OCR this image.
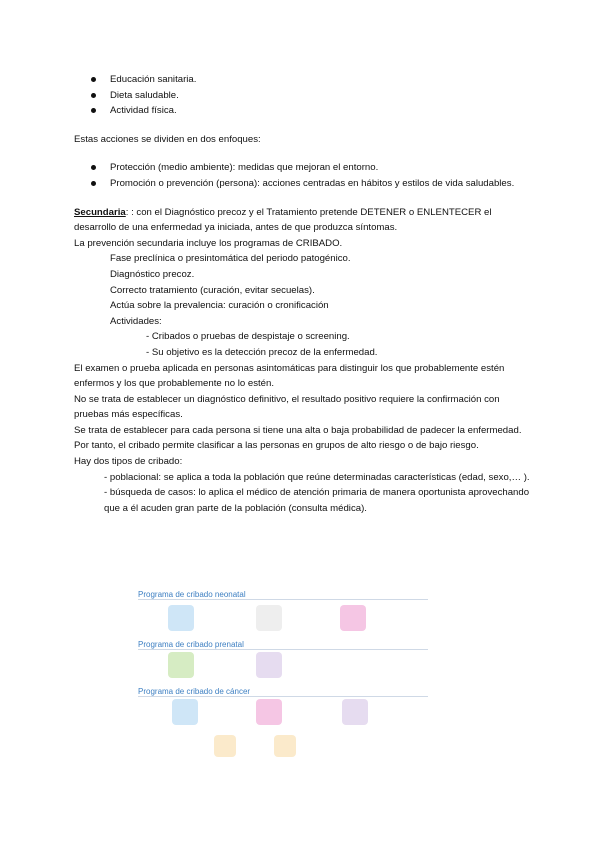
Educación sanitaria.
Dieta saludable.
Actividad física.

Estas acciones se dividen en dos enfoques:

Protección (medio ambiente): medidas que mejoran el entorno.
Promoción o prevención (persona): acciones centradas en hábitos y estilos de vida saludables.

Secundaria: : con el Diagnóstico precoz y el Tratamiento pretende DETENER o ENLENTECER el desarrollo de una enfermedad ya iniciada, antes de que produzca síntomas.

La prevención secundaria incluye los programas de CRIBADO.

Fase preclínica o presintomática del periodo patogénico.

Diagnóstico precoz.

Correcto tratamiento (curación, evitar secuelas).

Actúa sobre la prevalencia: curación o cronificación

Actividades:

- Cribados o pruebas de despistaje o screening.

- Su objetivo es la detección precoz de la enfermedad.

El examen o prueba aplicada en personas asintomáticas para distinguir los que probablemente estén enfermos y los que probablemente no lo estén.

No se trata de establecer un diagnóstico definitivo, el resultado positivo requiere la confirmación con pruebas más específicas.

Se trata de establecer para cada persona si tiene una alta o baja probabilidad de padecer la enfermedad. Por tanto, el cribado permite clasificar a las personas en grupos de alto riesgo o de bajo riesgo.

Hay dos tipos de cribado:

- poblacional: se aplica a toda la población que reúne determinadas características (edad, sexo,… ).

- búsqueda de casos: lo aplica el médico de atención primaria de manera oportunista aprovechando que a él acuden gran parte de la población (consulta médica).

Programa de cribado neonatal
Programa de cribado prenatal
Programa de cribado de cáncer
